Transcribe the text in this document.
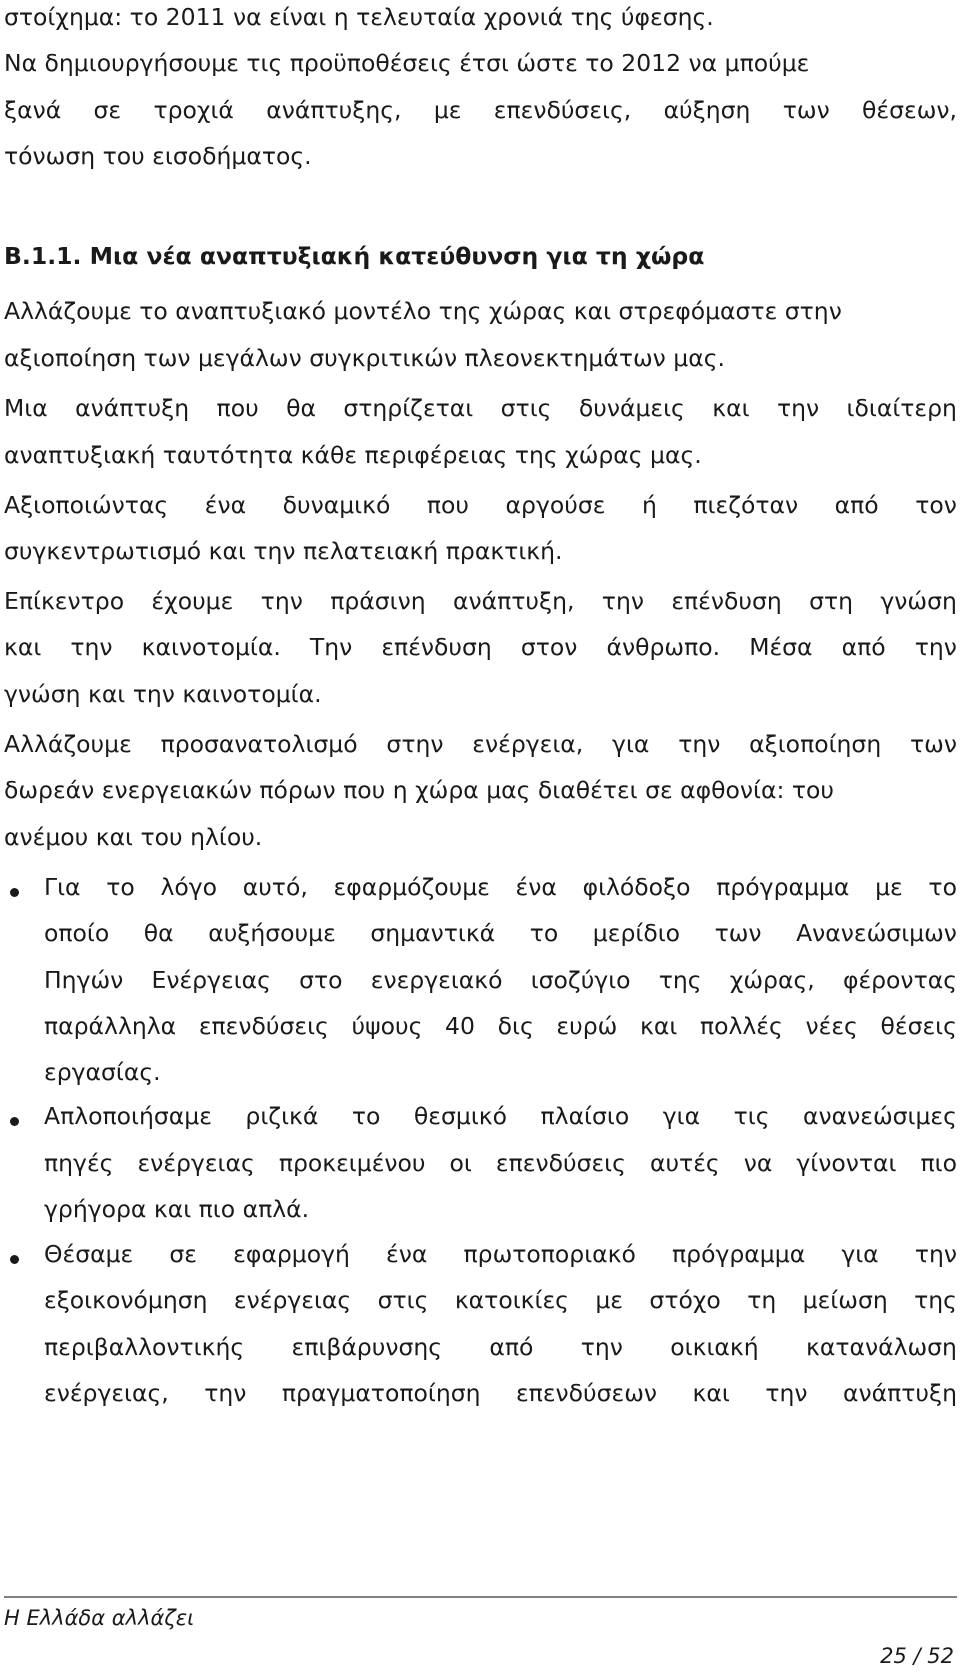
στοίχημα: το 2011 να είναι η τελευταία χρονιά της ύφεσης.
Να δημιουργήσουμε τις προϋποθέσεις έτσι ώστε το 2012 να μπούμε
ξανά σε τροχιά ανάπτυξης, με επενδύσεις, αύξηση των θέσεων,
τόνωση του εισοδήματος.
Β.1.1. Μια νέα αναπτυξιακή κατεύθυνση για τη χώρα
Αλλάζουμε το αναπτυξιακό μοντέλο της χώρας και στρεφόμαστε στην
αξιοποίηση των μεγάλων συγκριτικών πλεονεκτημάτων μας.
Μια ανάπτυξη που θα στηρίζεται στις δυνάμεις και την ιδιαίτερη
αναπτυξιακή ταυτότητα κάθε περιφέρειας της χώρας μας.
Αξιοποιώντας ένα δυναμικό που αργούσε ή πιεζόταν από τον
συγκεντρωτισμό και την πελατειακή πρακτική.
Επίκεντρο έχουμε την πράσινη ανάπτυξη, την επένδυση στη γνώση
και την καινοτομία. Την επένδυση στον άνθρωπο. Μέσα από την
γνώση και την καινοτομία.
Αλλάζουμε προσανατολισμό στην ενέργεια, για την αξιοποίηση των
δωρεάν ενεργειακών πόρων που η χώρα μας διαθέτει σε αφθονία: του
ανέμου και του ηλίου.
Για το λόγο αυτό, εφαρμόζουμε ένα φιλόδοξο πρόγραμμα με το
οποίο θα αυξήσουμε σημαντικά το μερίδιο των Ανανεώσιμων
Πηγών Ενέργειας στο ενεργειακό ισοζύγιο της χώρας, φέροντας
παράλληλα επενδύσεις ύψους 40 δις ευρώ και πολλές νέες θέσεις
εργασίας.
Απλοποιήσαμε ριζικά το θεσμικό πλαίσιο για τις ανανεώσιμες
πηγές ενέργειας προκειμένου οι επενδύσεις αυτές να γίνονται πιο
γρήγορα και πιο απλά.
Θέσαμε σε εφαρμογή ένα πρωτοποριακό πρόγραμμα για την
εξοικονόμηση ενέργειας στις κατοικίες με στόχο τη μείωση της
περιβαλλοντικής επιβάρυνσης από την οικιακή κατανάλωση
ενέργειας, την πραγματοποίηση επενδύσεων και την ανάπτυξη
Η Ελλάδα αλλάζει
25 / 52
